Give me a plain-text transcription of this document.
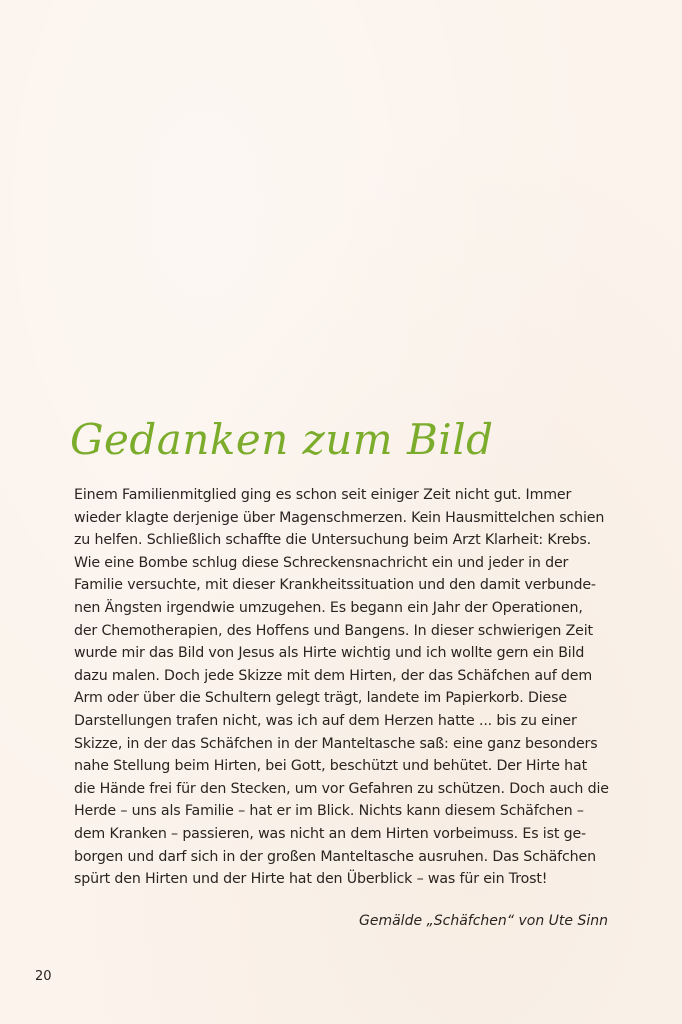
Gedanken zum Bild
Einem Familienmitglied ging es schon seit einiger Zeit nicht gut. Immer
wieder klagte derjenige über Magenschmerzen. Kein Hausmittelchen schien
zu helfen. Schließlich schaffte die Untersuchung beim Arzt Klarheit: Krebs.
Wie eine Bombe schlug diese Schreckensnachricht ein und jeder in der
Familie versuchte, mit dieser Krankheitssituation und den damit verbunde-
nen Ängsten irgendwie umzugehen. Es begann ein Jahr der Operationen,
der Chemotherapien, des Hoffens und Bangens. In dieser schwierigen Zeit
wurde mir das Bild von Jesus als Hirte wichtig und ich wollte gern ein Bild
dazu malen. Doch jede Skizze mit dem Hirten, der das Schäfchen auf dem
Arm oder über die Schultern gelegt trägt, landete im Papierkorb. Diese
Darstellungen trafen nicht, was ich auf dem Herzen hatte ... bis zu einer
Skizze, in der das Schäfchen in der Manteltasche saß: eine ganz besonders
nahe Stellung beim Hirten, bei Gott, beschützt und behütet. Der Hirte hat
die Hände frei für den Stecken, um vor Gefahren zu schützen. Doch auch die
Herde – uns als Familie – hat er im Blick. Nichts kann diesem Schäfchen –
dem Kranken – passieren, was nicht an dem Hirten vorbeimuss. Es ist ge-
borgen und darf sich in der großen Manteltasche ausruhen. Das Schäfchen
spürt den Hirten und der Hirte hat den Überblick – was für ein Trost!

Gemälde „Schäfchen“ von Ute Sinn

20
